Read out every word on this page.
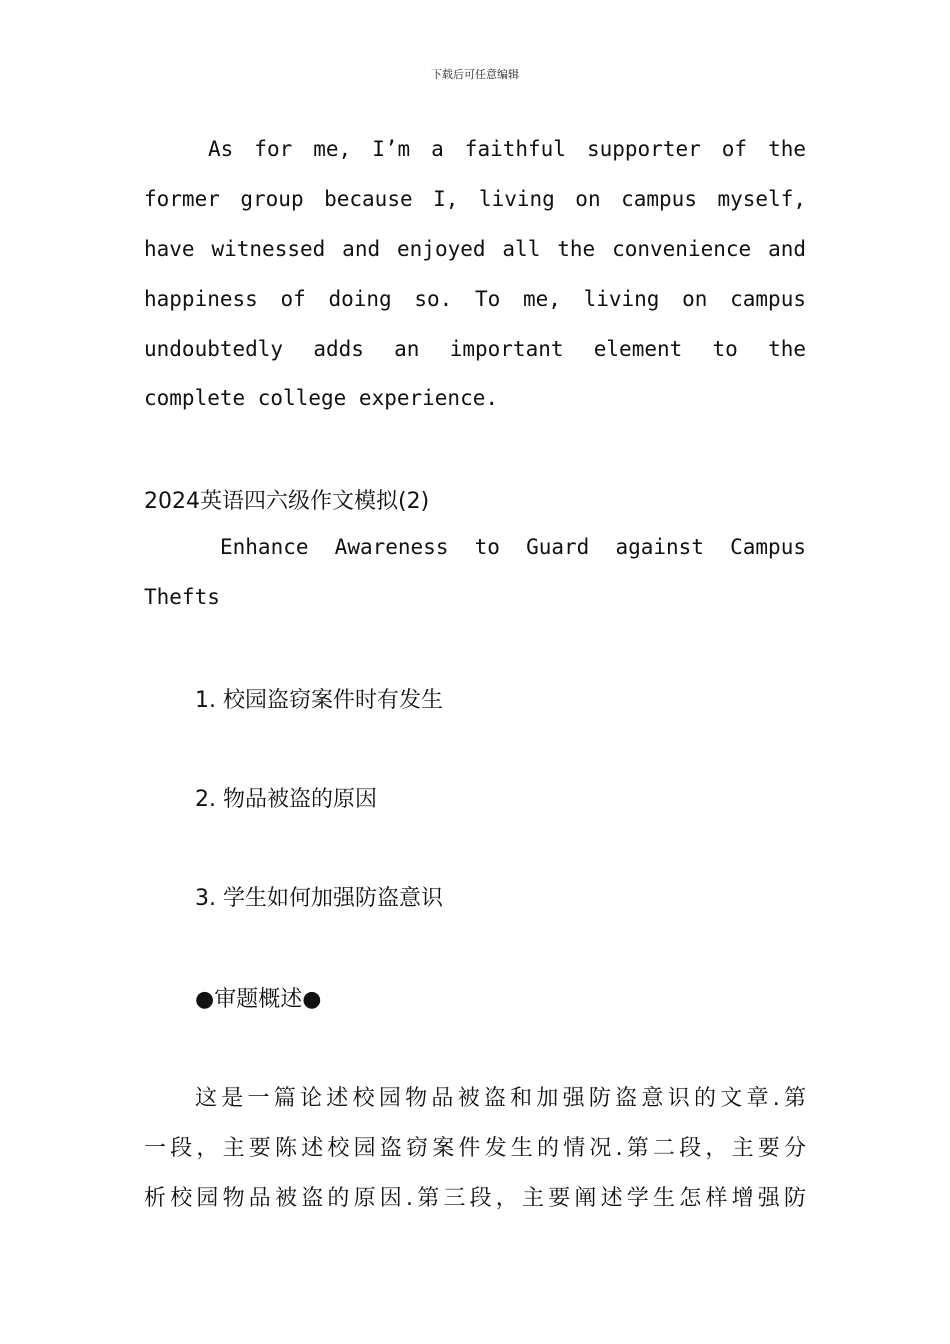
下载后可任意编辑
As for me, I’m a faithful supporter of the
former group because I, living on campus myself,
have witnessed and enjoyed all the convenience and
happiness of doing so. To me, living on campus
undoubtedly adds an important element to the
complete college experience.
2024英语四六级作文模拟(2)
Enhance Awareness to Guard against Campus
Thefts
1. 校园盗窃案件时有发生
2. 物品被盗的原因
3. 学生如何加强防盗意识
●审题概述●
这是一篇论述校园物品被盗和加强防盗意识的文章.第
一段，主要陈述校园盗窃案件发生的情况.第二段，主要分
析校园物品被盗的原因.第三段，主要阐述学生怎样增强防
